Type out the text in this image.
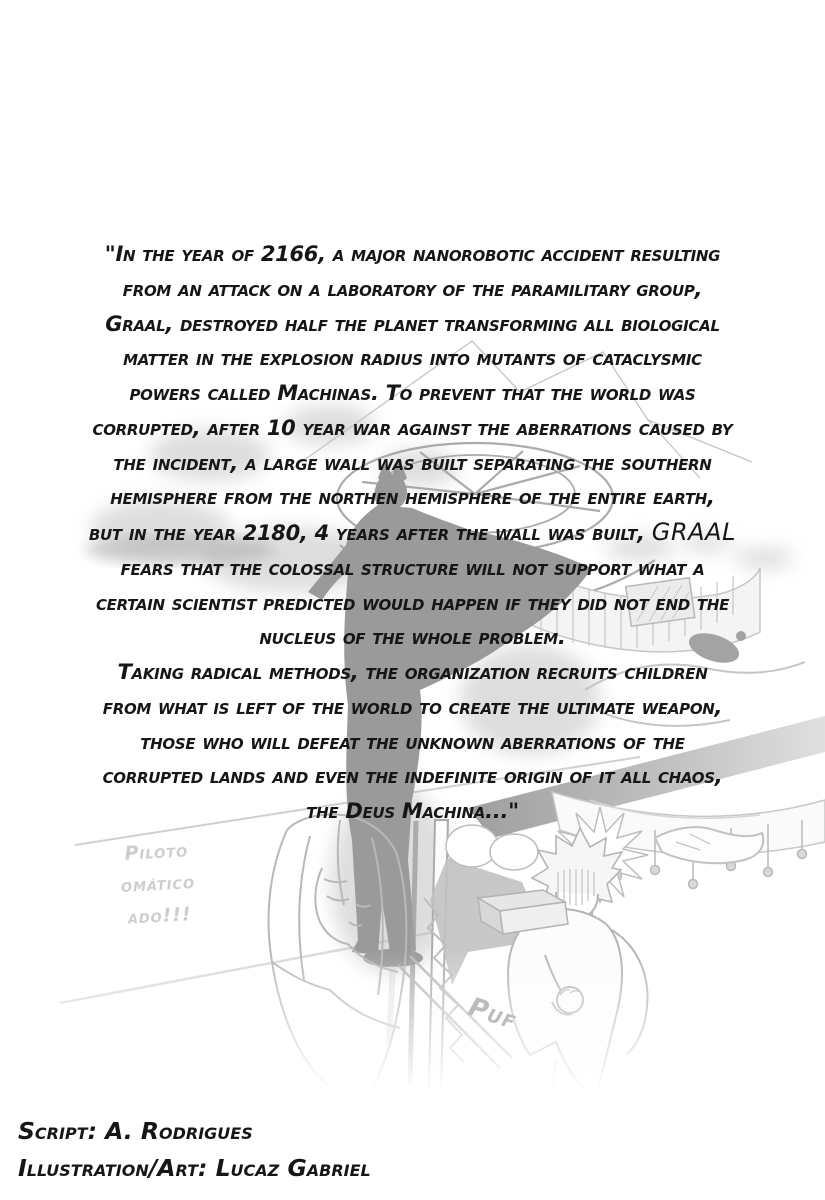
Piloto
omático
ado!!!
Puf
"In the year of 2166, a major nanorobotic accident resulting
from an attack on a laboratory of the paramilitary group,
Graal, destroyed half the planet transforming all biological
matter in the explosion radius into mutants of cataclysmic
powers called Machinas. To prevent that the world was
corrupted, after 10 year war against the aberrations caused by
the incident, a large wall was built separating the southern
hemisphere from the northen hemisphere of the entire earth,
but in the year 2180, 4 years after the wall was built, GRAAL
fears that the colossal structure will not support what a
certain scientist predicted would happen if they did not end the
nucleus of the whole problem.
Taking radical methods, the organization recruits children
from what is left of the world to create the ultimate weapon,
those who will defeat the unknown aberrations of the
corrupted lands and even the indefinite origin of it all chaos,
the Deus Machina..."
Script: A. Rodrigues
Illustration/Art: Lucaz Gabriel
